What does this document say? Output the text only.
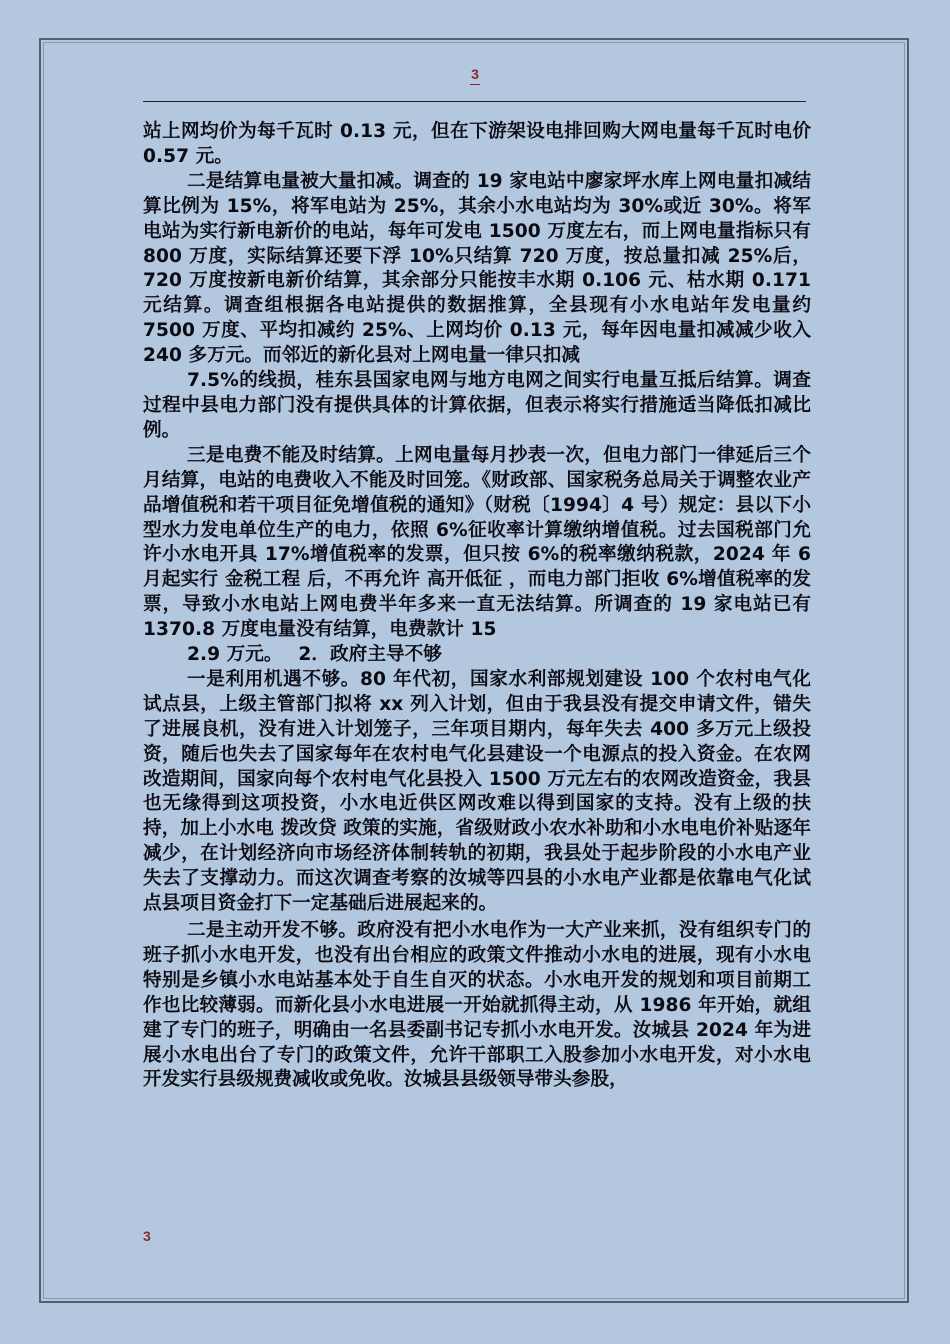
3

站上网均价为每千瓦时 0.13 元，但在下游架设电排回购大网电量每千瓦时电价 0.57 元。

二是结算电量被大量扣减。调查的 19 家电站中廖家坪水库上网电量扣减结算比例为 15%，将军电站为 25%，其余小水电站均为 30%或近 30%。将军电站为实行新电新价的电站，每年可发电 1500 万度左右，而上网电量指标只有 800 万度，实际结算还要下浮 10%只结算 720 万度，按总量扣减 25%后，720 万度按新电新价结算，其余部分只能按丰水期 0.106 元、枯水期 0.171 元结算。调查组根据各电站提供的数据推算，全县现有小水电站年发电量约 7500 万度、平均扣减约 25%、上网均价 0.13 元，每年因电量扣减减少收入 240 多万元。而邻近的新化县对上网电量一律只扣减

7.5%的线损，桂东县国家电网与地方电网之间实行电量互抵后结算。调查过程中县电力部门没有提供具体的计算依据，但表示将实行措施适当降低扣减比例。

三是电费不能及时结算。上网电量每月抄表一次，但电力部门一律延后三个月结算，电站的电费收入不能及时回笼。《财政部、国家税务总局关于调整农业产品增值税和若干项目征免增值税的通知》（财税〔1994〕4 号）规定：县以下小型水力发电单位生产的电力，依照 6%征收率计算缴纳增值税。过去国税部门允许小水电开具 17%增值税率的发票，但只按 6%的税率缴纳税款，2024 年 6 月起实行 金税工程 后，不再允许 高开低征 ，而电力部门拒收 6%增值税率的发票，导致小水电站上网电费半年多来一直无法结算。所调查的 19 家电站已有 1370.8 万度电量没有结算，电费款计 15

2.9 万元。　 2．政府主导不够

一是利用机遇不够。80 年代初，国家水利部规划建设 100 个农村电气化试点县，上级主管部门拟将 xx 列入计划，但由于我县没有提交申请文件，错失了进展良机，没有进入计划笼子，三年项目期内，每年失去 400 多万元上级投资，随后也失去了国家每年在农村电气化县建设一个电源点的投入资金。在农网改造期间，国家向每个农村电气化县投入 1500 万元左右的农网改造资金，我县也无缘得到这项投资，小水电近供区网改难以得到国家的支持。没有上级的扶持，加上小水电 拨改贷 政策的实施，省级财政小农水补助和小水电电价补贴逐年减少，在计划经济向市场经济体制转轨的初期，我县处于起步阶段的小水电产业失去了支撑动力。而这次调查考察的汝城等四县的小水电产业都是依靠电气化试点县项目资金打下一定基础后进展起来的。

二是主动开发不够。政府没有把小水电作为一大产业来抓，没有组织专门的班子抓小水电开发，也没有出台相应的政策文件推动小水电的进展，现有小水电特别是乡镇小水电站基本处于自生自灭的状态。小水电开发的规划和项目前期工作也比较薄弱。而新化县小水电进展一开始就抓得主动，从 1986 年开始，就组建了专门的班子，明确由一名县委副书记专抓小水电开发。汝城县 2024 年为进展小水电出台了专门的政策文件，允许干部职工入股参加小水电开发，对小水电开发实行县级规费减收或免收。汝城县县级领导带头参股，

3
